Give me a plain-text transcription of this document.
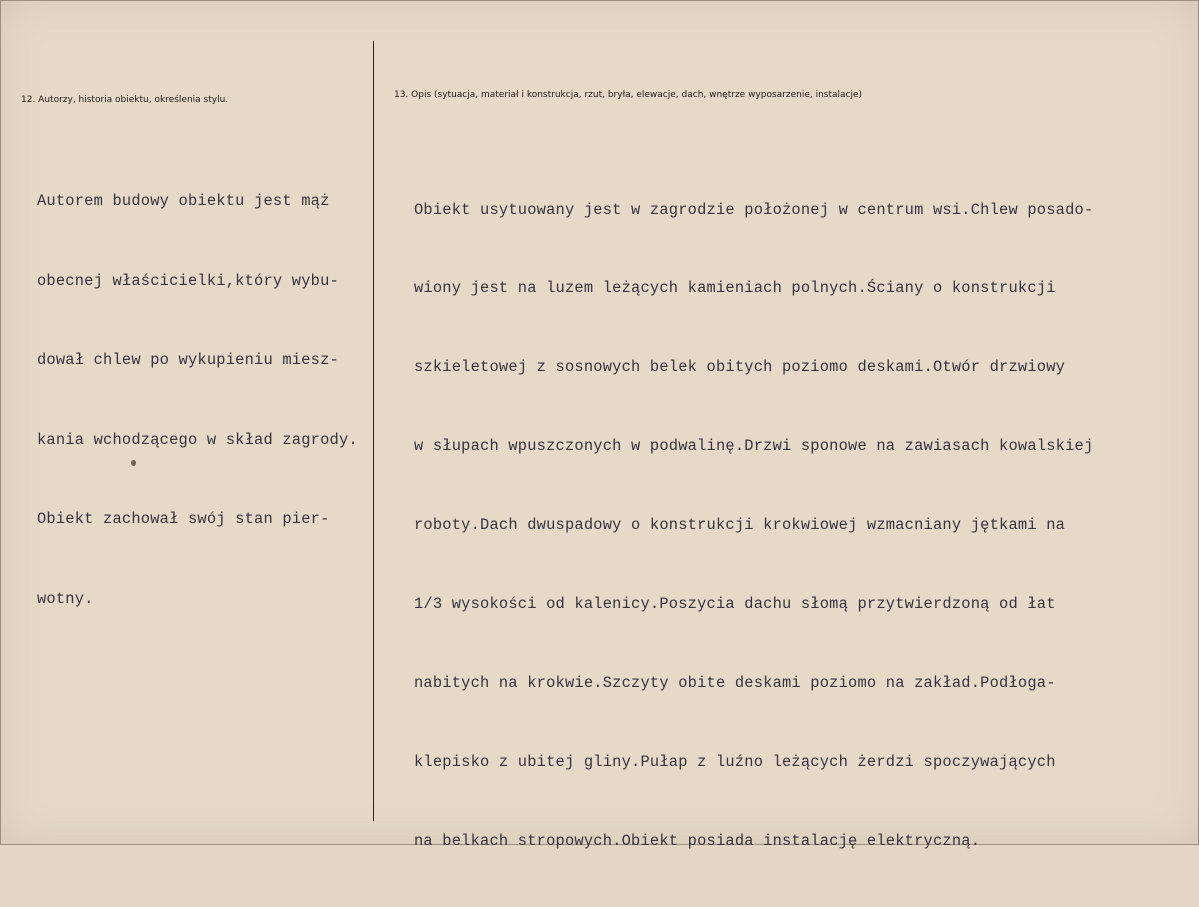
12. Autorzy, historia obiektu, określenia stylu.	13. Opis (sytuacja, materiał i konstrukcja, rzut, bryła, elewacje, dach, wnętrze wyposarzenie, instalacje)

Autorem budowy obiektu jest mąż

obecnej właścicielki,który wybu-

dował chlew po wykupieniu miesz-

kania wchodzącego w skład zagrody.

Obiekt zachował swój stan pier-

wotny.

Obiekt usytuowany jest w zagrodzie położonej w centrum wsi.Chlew posado-

wiony jest na luzem leżących kamieniach polnych.Ściany o konstrukcji

szkieletowej z sosnowych belek obitych poziomo deskami.Otwór drzwiowy

w słupach wpuszczonych w podwalinę.Drzwi sponowe na zawiasach kowalskiej

roboty.Dach dwuspadowy o konstrukcji krokwiowej wzmacniany jętkami na

1/3 wysokości od kalenicy.Poszycia dachu słomą przytwierdzoną od łat

nabitych na krokwie.Szczyty obite deskami poziomo na zakład.Podłoga-

klepisko z ubitej gliny.Pułap z luźno leżących żerdzi spoczywających

na belkach stropowych.Obiekt posiada instalację elektryczną.
